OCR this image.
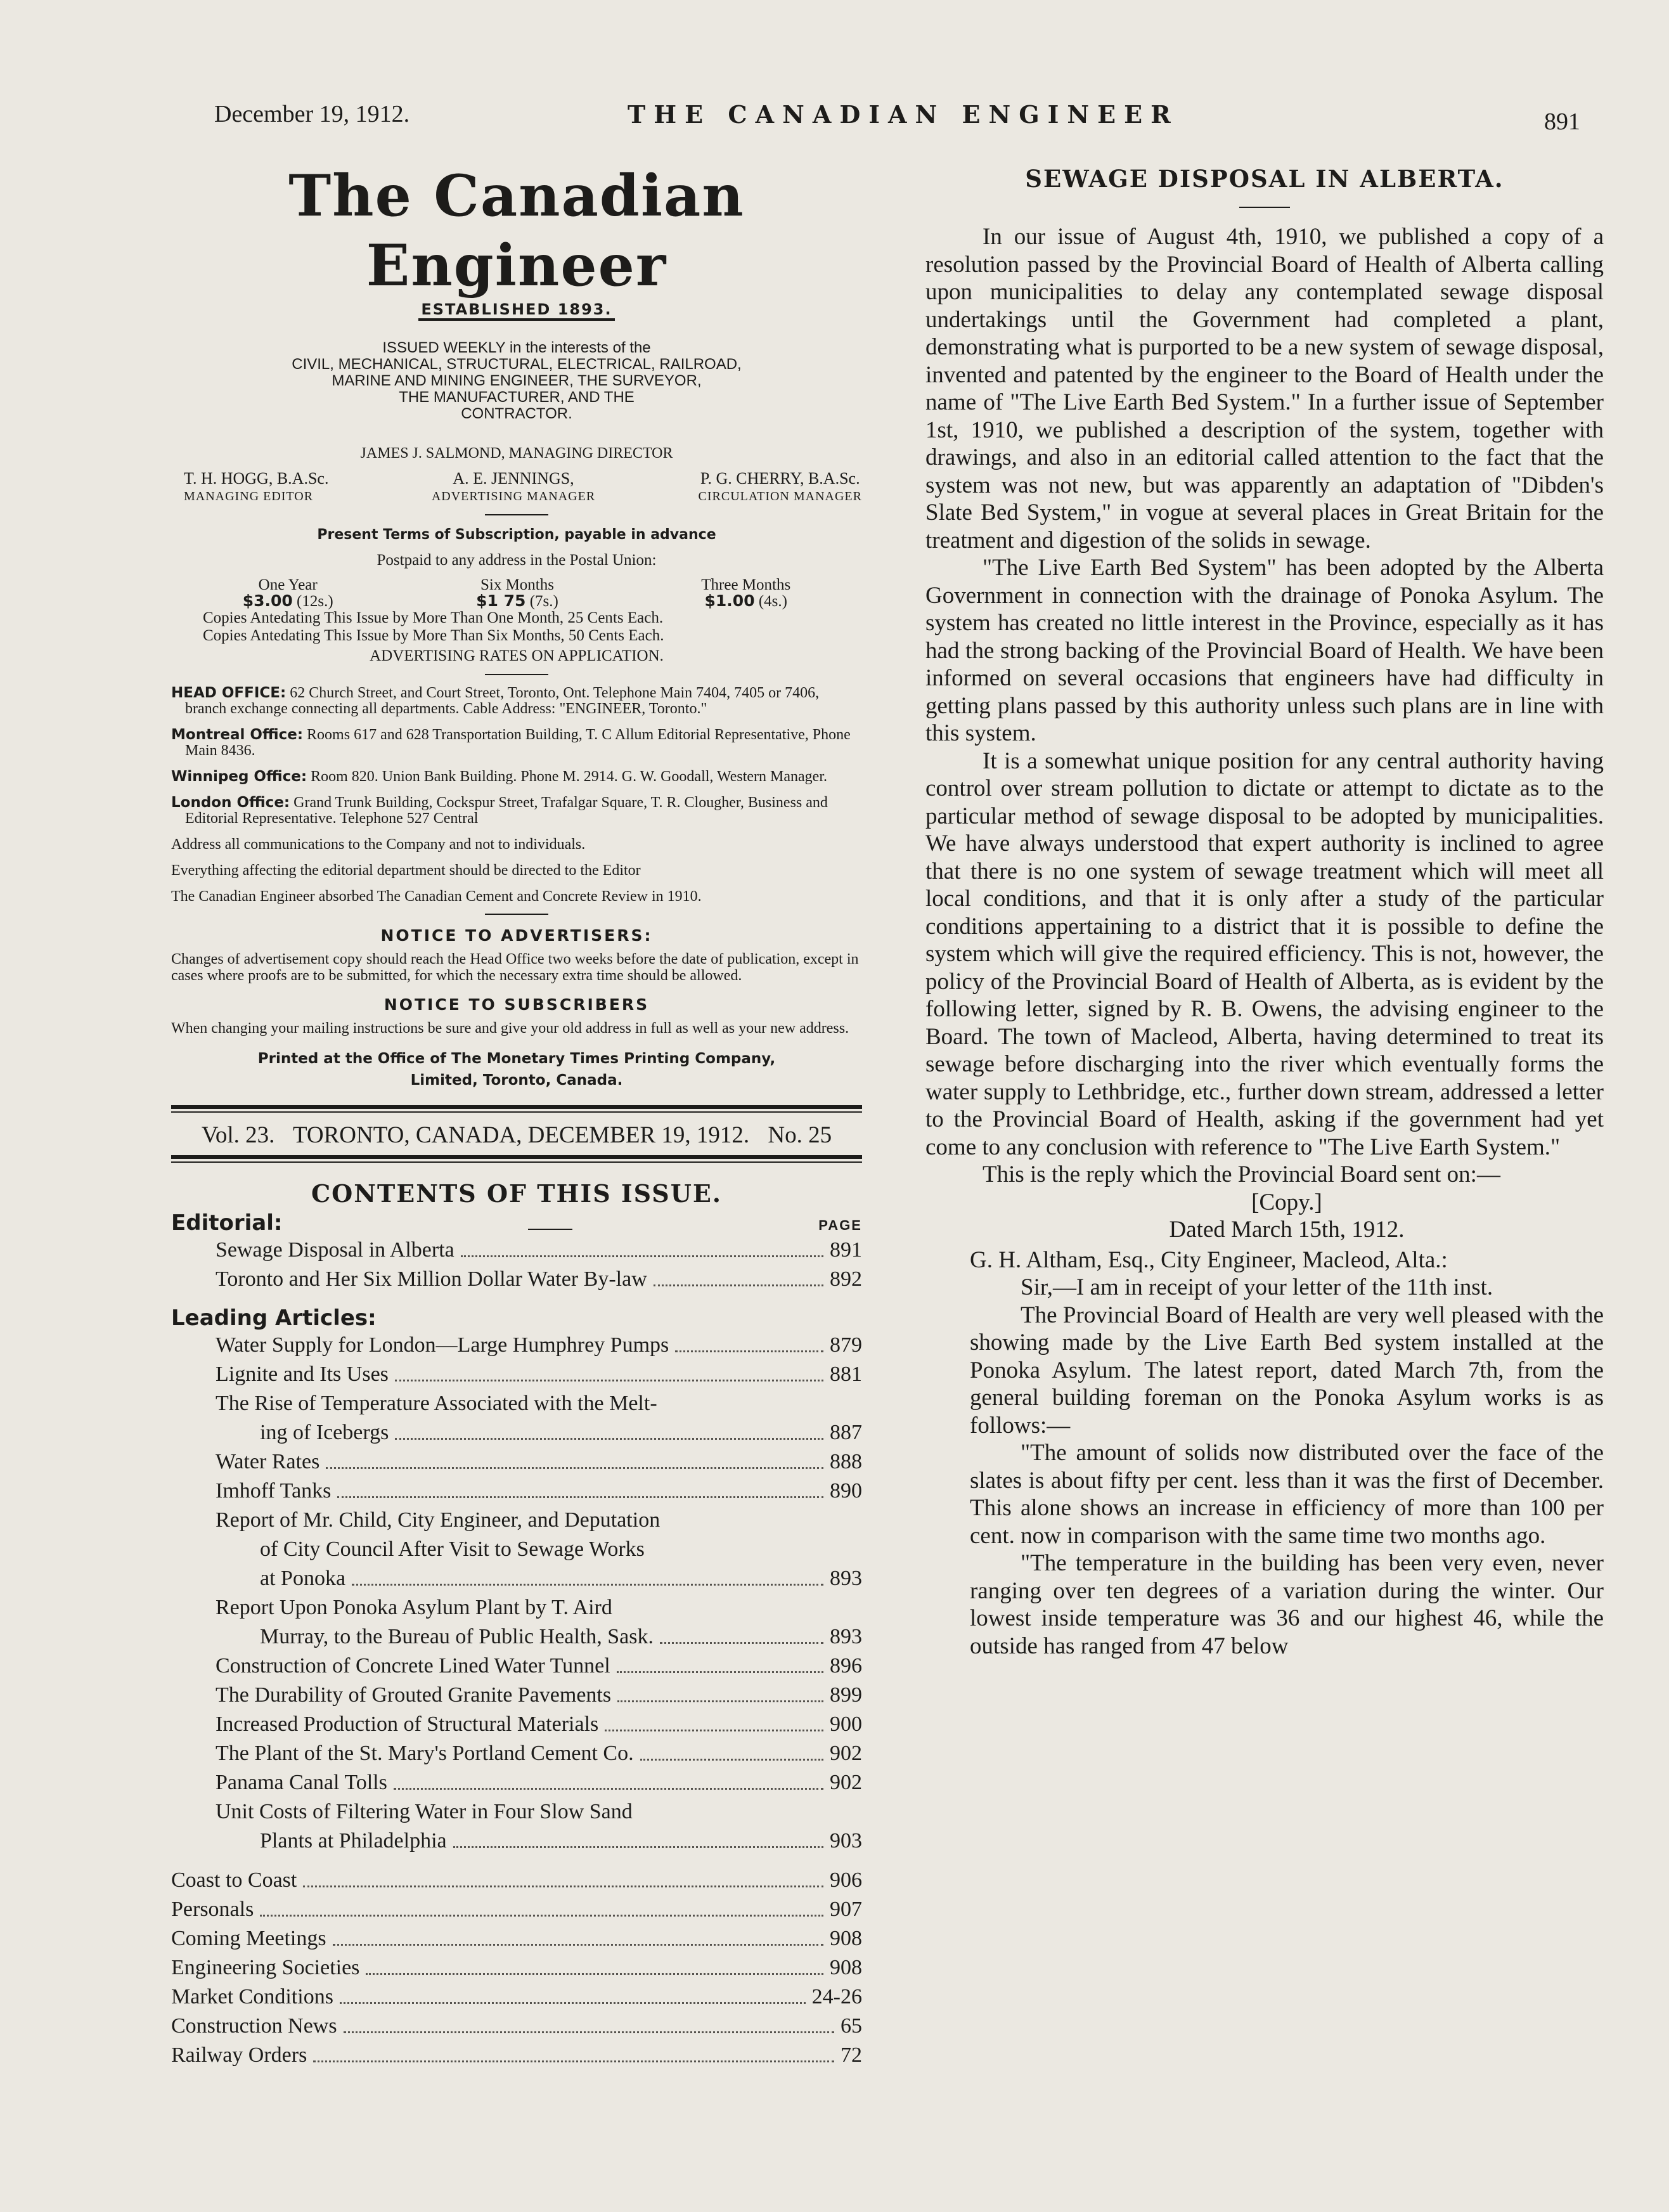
December 19, 1912.	THE CANADIAN ENGINEER	891
The Canadian Engineer
ESTABLISHED 1893.
ISSUED WEEKLY in the interests of the
CIVIL, MECHANICAL, STRUCTURAL, ELECTRICAL, RAILROAD,
MARINE AND MINING ENGINEER, THE SURVEYOR,
THE MANUFACTURER, AND THE
CONTRACTOR.
JAMES J. SALMOND, MANAGING DIRECTOR
T. H. HOGG, B.A.Sc.
MANAGING EDITOR
A. E. JENNINGS,
ADVERTISING MANAGER
P. G. CHERRY, B.A.Sc.
CIRCULATION MANAGER
Present Terms of Subscription, payable in advance
Postpaid to any address in the Postal Union:
One Year
$3.00 (12s.)
Six Months
$1 75 (7s.)
Three Months
$1.00 (4s.)
Copies Antedating This Issue by More Than One Month, 25 Cents Each.
Copies Antedating This Issue by More Than Six Months, 50 Cents Each.
ADVERTISING RATES ON APPLICATION.
HEAD OFFICE: 62 Church Street, and Court Street, Toronto, Ont. Telephone Main 7404, 7405 or 7406, branch exchange connecting all departments. Cable Address: "ENGINEER, Toronto."
Montreal Office: Rooms 617 and 628 Transportation Building, T. C Allum Editorial Representative, Phone Main 8436.
Winnipeg Office: Room 820. Union Bank Building. Phone M. 2914. G. W. Goodall, Western Manager.
London Office: Grand Trunk Building, Cockspur Street, Trafalgar Square, T. R. Clougher, Business and Editorial Representative. Telephone 527 Central
Address all communications to the Company and not to individuals.
Everything affecting the editorial department should be directed to the Editor
The Canadian Engineer absorbed The Canadian Cement and Concrete Review in 1910.
NOTICE TO ADVERTISERS:
Changes of advertisement copy should reach the Head Office two weeks before the date of publication, except in cases where proofs are to be submitted, for which the necessary extra time should be allowed.
NOTICE TO SUBSCRIBERS
When changing your mailing instructions be sure and give your old address in full as well as your new address.
Printed at the Office of The Monetary Times Printing Company,
Limited, Toronto, Canada.
Vol. 23. TORONTO, CANADA, DECEMBER 19, 1912. No. 25
CONTENTS OF THIS ISSUE.
Editorial:	PAGE
Sewage Disposal in Alberta	891
Toronto and Her Six Million Dollar Water By-law	892
Leading Articles:
Water Supply for London—Large Humphrey Pumps	879
Lignite and Its Uses	881
The Rise of Temperature Associated with the Melt-
ing of Icebergs	887
Water Rates	888
Imhoff Tanks	890
Report of Mr. Child, City Engineer, and Deputation
of City Council After Visit to Sewage Works
at Ponoka	893
Report Upon Ponoka Asylum Plant by T. Aird
Murray, to the Bureau of Public Health, Sask.	893
Construction of Concrete Lined Water Tunnel	896
The Durability of Grouted Granite Pavements	899
Increased Production of Structural Materials	900
The Plant of the St. Mary's Portland Cement Co.	902
Panama Canal Tolls	902
Unit Costs of Filtering Water in Four Slow Sand
Plants at Philadelphia	903
Coast to Coast	906
Personals	907
Coming Meetings	908
Engineering Societies	908
Market Conditions	24-26
Construction News	65
Railway Orders	72
SEWAGE DISPOSAL IN ALBERTA.

In our issue of August 4th, 1910, we published a copy of a resolution passed by the Provincial Board of Health of Alberta calling upon municipalities to delay any contemplated sewage disposal undertakings until the Government had completed a plant, demonstrating what is purported to be a new system of sewage disposal, invented and patented by the engineer to the Board of Health under the name of "The Live Earth Bed System." In a further issue of September 1st, 1910, we published a description of the system, together with drawings, and also in an editorial called attention to the fact that the system was not new, but was apparently an adaptation of "Dibden's Slate Bed System," in vogue at several places in Great Britain for the treatment and digestion of the solids in sewage.

"The Live Earth Bed System" has been adopted by the Alberta Government in connection with the drainage of Ponoka Asylum. The system has created no little interest in the Province, especially as it has had the strong backing of the Provincial Board of Health. We have been informed on several occasions that engineers have had difficulty in getting plans passed by this authority unless such plans are in line with this system.

It is a somewhat unique position for any central authority having control over stream pollution to dictate or attempt to dictate as to the particular method of sewage disposal to be adopted by municipalities. We have always understood that expert authority is inclined to agree that there is no one system of sewage treatment which will meet all local conditions, and that it is only after a study of the particular conditions appertaining to a district that it is possible to define the system which will give the required efficiency. This is not, however, the policy of the Provincial Board of Health of Alberta, as is evident by the following letter, signed by R. B. Owens, the advising engineer to the Board. The town of Macleod, Alberta, having determined to treat its sewage before discharging into the river which eventually forms the water supply to Lethbridge, etc., further down stream, addressed a letter to the Provincial Board of Health, asking if the government had yet come to any conclusion with reference to "The Live Earth System."

This is the reply which the Provincial Board sent on:—

[Copy.]

Dated March 15th, 1912.

G. H. Altham, Esq., City Engineer, Macleod, Alta.:

Sir,—I am in receipt of your letter of the 11th inst.

The Provincial Board of Health are very well pleased with the showing made by the Live Earth Bed system installed at the Ponoka Asylum. The latest report, dated March 7th, from the general building foreman on the Ponoka Asylum works is as follows:—

"The amount of solids now distributed over the face of the slates is about fifty per cent. less than it was the first of December. This alone shows an increase in efficiency of more than 100 per cent. now in comparison with the same time two months ago.

"The temperature in the building has been very even, never ranging over ten degrees of a variation during the winter. Our lowest inside temperature was 36 and our highest 46, while the outside has ranged from 47 below
